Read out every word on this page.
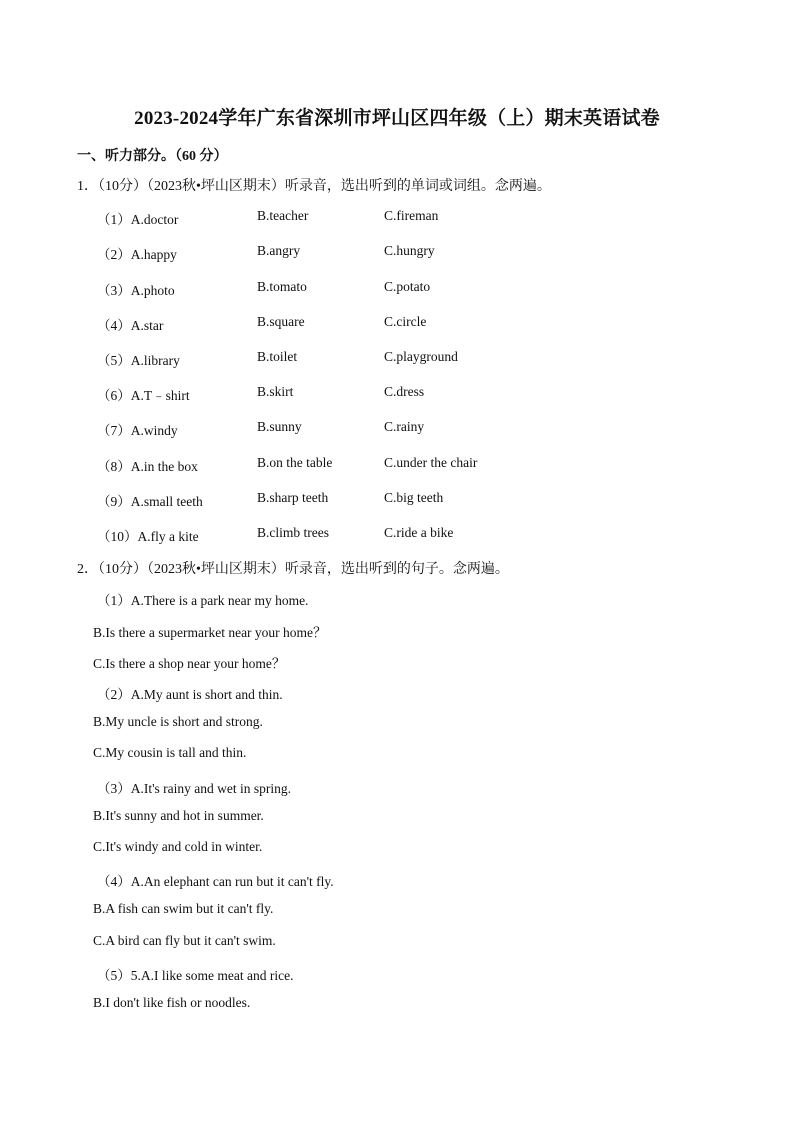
2023-2024学年广东省深圳市坪山区四年级（上）期末英语试卷
一、听力部分。（60 分）
1．（10分）（2023秋•坪山区期末）听录音，选出听到的单词或词组。念两遍。
（1）A.doctor	B.teacher	C.fireman
（2）A.happy	B.angry	C.hungry
（3）A.photo	B.tomato	C.potato
（4）A.star	B.square	C.circle
（5）A.library	B.toilet	C.playground
（6）A.T﹣shirt	B.skirt	C.dress
（7）A.windy	B.sunny	C.rainy
（8）A.in the box	B.on the table	C.under the chair
（9）A.small teeth	B.sharp teeth	C.big teeth
（10）A.fly a kite	B.climb trees	C.ride a bike
2．（10分）（2023秋•坪山区期末）听录音，选出听到的句子。念两遍。
（1）A.There is a park near my home.
B.Is there a supermarket near your home？
C.Is there a shop near your home？
（2）A.My aunt is short and thin.
B.My uncle is short and strong.
C.My cousin is tall and thin.
（3）A.It's rainy and wet in spring.
B.It's sunny and hot in summer.
C.It's windy and cold in winter.
（4）A.An elephant can run but it can't fly.
B.A fish can swim but it can't fly.
C.A bird can fly but it can't swim.
（5）5.A.I like some meat and rice.
B.I don't like fish or noodles.
